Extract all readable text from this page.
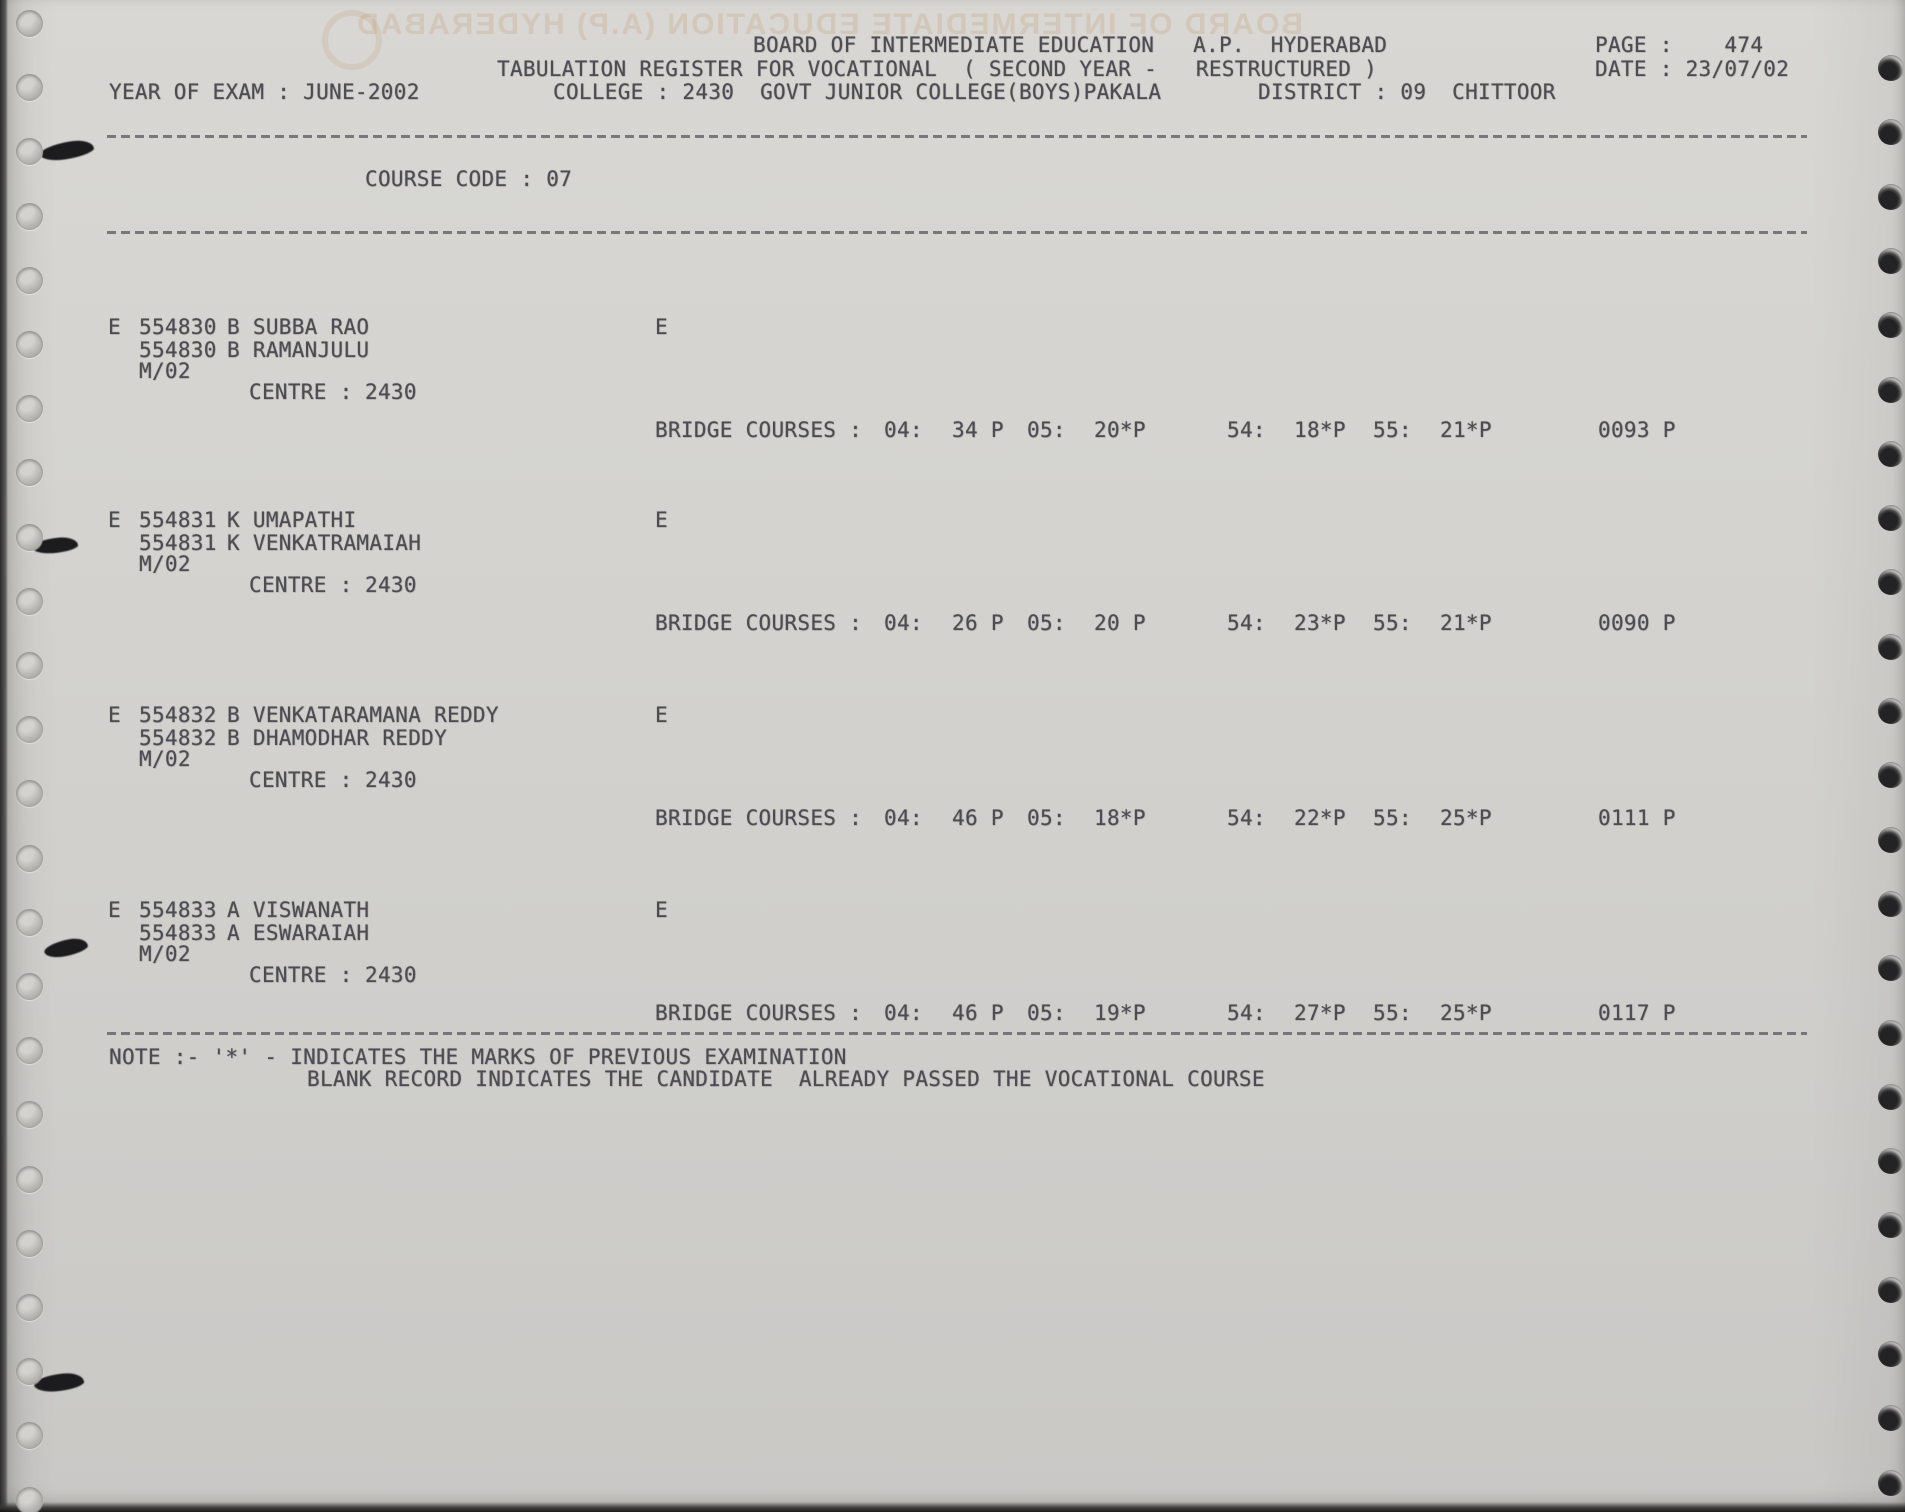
BOARD OF INTERMEDIATE EDUCATION (A.P) HYDERABAD
BOARD OF INTERMEDIATE EDUCATION   A.P.  HYDERABAD	PAGE :    474
TABULATION REGISTER FOR VOCATIONAL  ( SECOND YEAR -   RESTRUCTURED )	DATE : 23/07/02
YEAR OF EXAM : JUNE-2002	COLLEGE : 2430  GOVT JUNIOR COLLEGE(BOYS)PAKALA	DISTRICT : 09  CHITTOOR
COURSE CODE : 07
E 554830 B SUBBA RAO
554830 B RAMANJULU
M/02
CENTRE : 2430
E
BRIDGE COURSES : 04: 34 P 05: 20*P	54: 18*P 55: 21*P	0093 P
E 554831 K UMAPATHI
554831 K VENKATRAMAIAH
M/02
CENTRE : 2430
E
BRIDGE COURSES : 04: 26 P 05: 20 P	54: 23*P 55: 21*P	0090 P
E 554832 B VENKATARAMANA REDDY
554832 B DHAMODHAR REDDY
M/02
CENTRE : 2430
E
BRIDGE COURSES : 04: 46 P 05: 18*P	54: 22*P 55: 25*P	0111 P
E 554833 A VISWANATH
554833 A ESWARAIAH
M/02
CENTRE : 2430
E
BRIDGE COURSES : 04: 46 P 05: 19*P	54: 27*P 55: 25*P	0117 P
NOTE :- '*' - INDICATES THE MARKS OF PREVIOUS EXAMINATION
BLANK RECORD INDICATES THE CANDIDATE  ALREADY PASSED THE VOCATIONAL COURSE
